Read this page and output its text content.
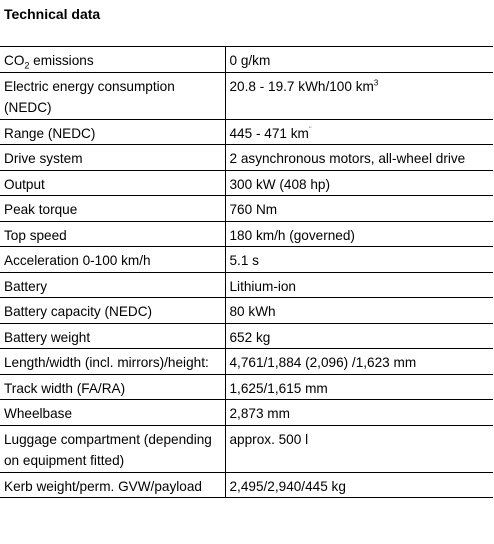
Technical data
$CO_2$ emissions	0 g/km
Electric energy consumption (NEDC)	20.8 - 19.7 kWh/100 $km^3$
Range (NEDC)	445 - 471 km¨
Drive system	2 asynchronous motors, all-wheel drive
Output	300 kW (408 hp)
Peak torque	760 Nm
Top speed	180 km/h (governed)
Acceleration 0-100 km/h	5.1 s
Battery	Lithium-ion
Battery capacity (NEDC)	80 kWh
Battery weight	652 kg
Length/width (incl. mirrors)/height:	4,761/1,884 (2,096) /1,623 mm
Track width (FA/RA)	1,625/1,615 mm
Wheelbase	2,873 mm
Luggage compartment (depending on equipment fitted)	approx. 500 l
Kerb weight/perm. GVW/payload	2,495/2,940/445 kg
